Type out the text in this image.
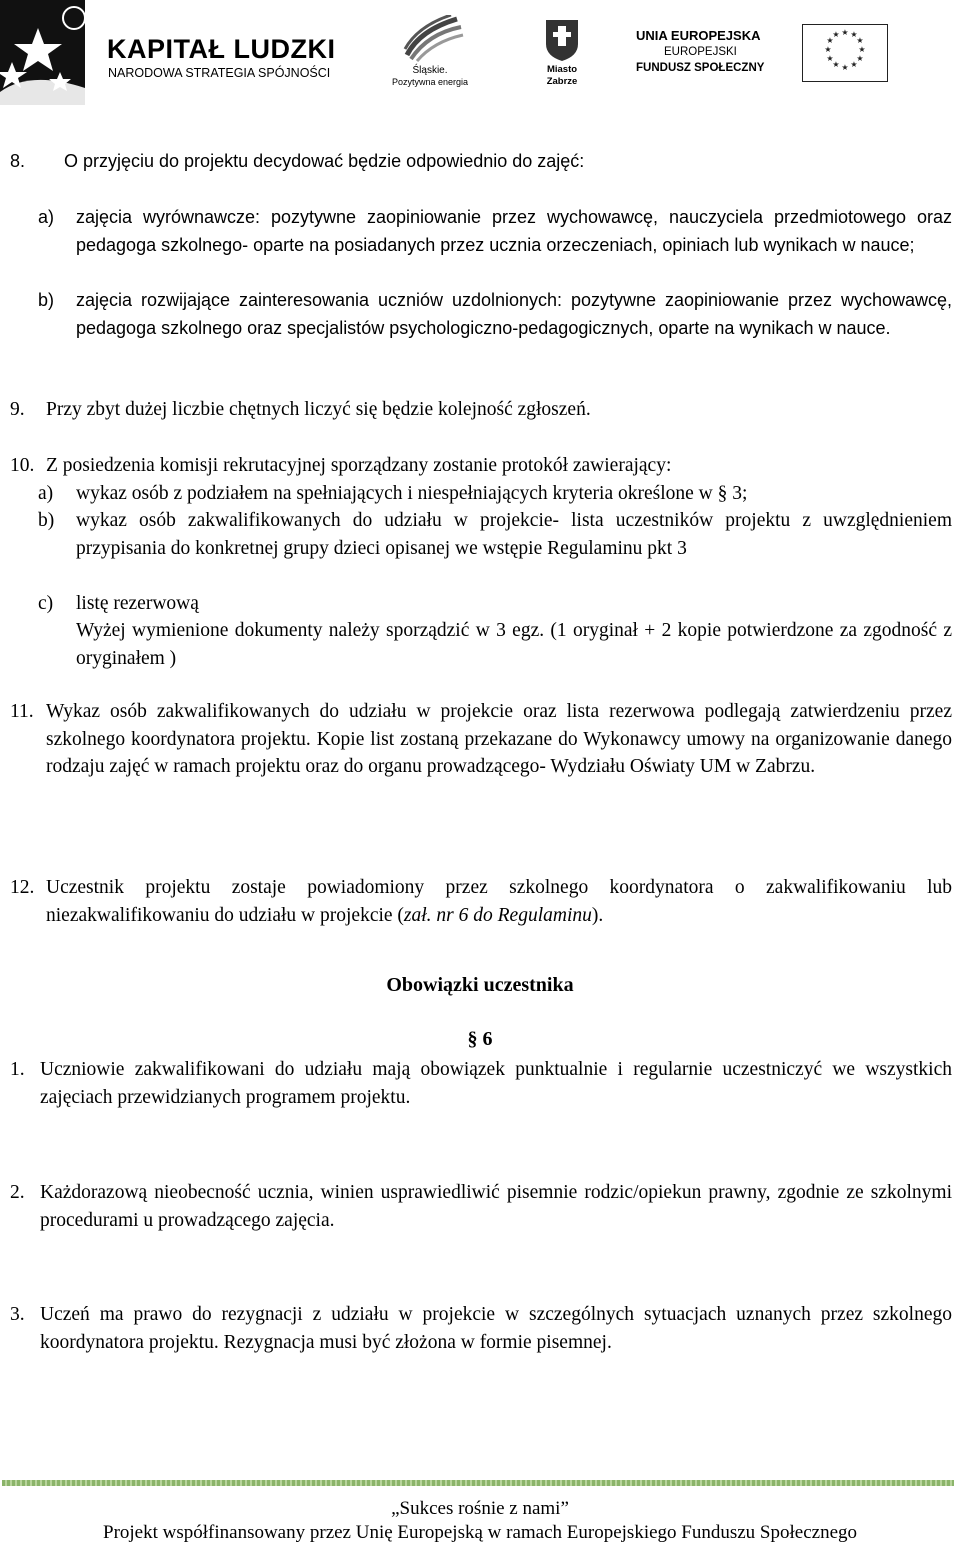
KAPITAŁ LUDZKI
NARODOWA STRATEGIA SPÓJNOŚCI	Śląskie.
Pozytywna energia
Miasto
Zabrze
UNIA EUROPEJSKA
EUROPEJSKI
FUNDUSZ SPOŁECZNY
★ ★
★
★
★
★
★
★
★
★
★
★
8. O przyjęciu do projektu decydować będzie odpowiednio do zajęć:
a) zajęcia wyrównawcze: pozytywne zaopiniowanie przez wychowawcę, nauczyciela przedmiotowego oraz pedagoga szkolnego- oparte na posiadanych przez ucznia orzeczeniach, opiniach lub wynikach w nauce;
b) zajęcia rozwijające zainteresowania uczniów uzdolnionych: pozytywne zaopiniowanie przez wychowawcę, pedagoga szkolnego oraz specjalistów psychologiczno-pedagogicznych, oparte na wynikach w nauce.
9. Przy zbyt dużej liczbie chętnych liczyć się będzie kolejność zgłoszeń.
10. Z posiedzenia komisji rekrutacyjnej sporządzany zostanie protokół zawierający:
a) wykaz osób z podziałem na spełniających i niespełniających kryteria określone w § 3;
b) wykaz osób zakwalifikowanych do udziału w projekcie- lista uczestników projektu z uwzględnieniem przypisania do konkretnej grupy dzieci opisanej we wstępie Regulaminu pkt 3
c) listę rezerwową
Wyżej wymienione dokumenty należy sporządzić w 3 egz. (1 oryginał + 2 kopie potwierdzone za zgodność z oryginałem )
11. Wykaz osób zakwalifikowanych do udziału w projekcie oraz lista rezerwowa podlegają zatwierdzeniu przez szkolnego koordynatora projektu. Kopie list zostaną przekazane do Wykonawcy umowy na organizowanie danego rodzaju zajęć w ramach projektu oraz do organu prowadzącego- Wydziału Oświaty UM w Zabrzu.
12. Uczestnik projektu zostaje powiadomiony przez szkolnego koordynatora o zakwalifikowaniu lub niezakwalifikowaniu do udziału w projekcie (zał. nr 6 do Regulaminu).
Obowiązki uczestnika
§ 6
1. Uczniowie zakwalifikowani do udziału mają obowiązek punktualnie i regularnie uczestniczyć we wszystkich zajęciach przewidzianych programem projektu.
2. Każdorazową nieobecność ucznia, winien usprawiedliwić pisemnie rodzic/opiekun prawny, zgodnie ze szkolnymi procedurami u prowadzącego zajęcia.
3. Uczeń ma prawo do rezygnacji z udziału w projekcie w szczególnych sytuacjach uznanych przez szkolnego koordynatora projektu. Rezygnacja musi być złożona w formie pisemnej.
„Sukces rośnie z nami”
Projekt współfinansowany przez Unię Europejską w ramach Europejskiego Funduszu Społecznego
